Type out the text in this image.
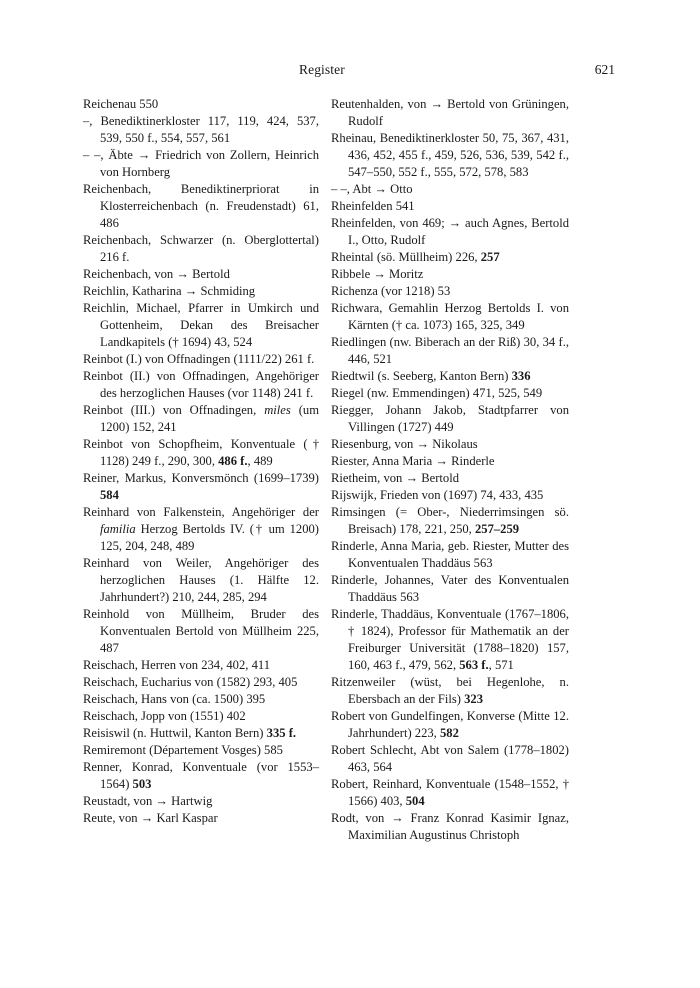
Register	621

Reichenau 550

–, Benediktinerkloster 117, 119, 424, 537, 539, 550 f., 554, 557, 561

– –, Äbte → Friedrich von Zollern, Heinrich von Hornberg

Reichenbach, Benediktinerpriorat in Klosterreichenbach (n. Freudenstadt) 61, 486

Reichenbach, Schwarzer (n. Oberglottertal) 216 f.

Reichenbach, von → Bertold

Reichlin, Katharina → Schmiding

Reichlin, Michael, Pfarrer in Umkirch und Gottenheim, Dekan des Breisacher Landkapitels († 1694) 43, 524

Reinbot (I.) von Offnadingen (1111/22) 261 f.

Reinbot (II.) von Offnadingen, Angehöriger des herzoglichen Hauses (vor 1148) 241 f.

Reinbot (III.) von Offnadingen, miles (um 1200) 152, 241

Reinbot von Schopfheim, Konventuale († 1128) 249 f., 290, 300, 486 f., 489

Reiner, Markus, Konversmönch (1699–1739) 584

Reinhard von Falkenstein, Angehöriger der familia Herzog Bertolds IV. († um 1200) 125, 204, 248, 489

Reinhard von Weiler, Angehöriger des herzoglichen Hauses (1. Hälfte 12. Jahrhundert?) 210, 244, 285, 294

Reinhold von Müllheim, Bruder des Konventualen Bertold von Müllheim 225, 487

Reischach, Herren von 234, 402, 411

Reischach, Eucharius von (1582) 293, 405

Reischach, Hans von (ca. 1500) 395

Reischach, Jopp von (1551) 402

Reisiswil (n. Huttwil, Kanton Bern) 335 f.

Remiremont (Département Vosges) 585

Renner, Konrad, Konventuale (vor 1553–1564) 503

Reustadt, von → Hartwig

Reute, von → Karl Kaspar

Reutenhalden, von → Bertold von Grüningen, Rudolf

Rheinau, Benediktinerkloster 50, 75, 367, 431, 436, 452, 455 f., 459, 526, 536, 539, 542 f., 547–550, 552 f., 555, 572, 578, 583

– –, Abt → Otto

Rheinfelden 541

Rheinfelden, von 469; → auch Agnes, Bertold I., Otto, Rudolf

Rheintal (sö. Müllheim) 226, 257

Ribbele → Moritz

Richenza (vor 1218) 53

Richwara, Gemahlin Herzog Bertolds I. von Kärnten († ca. 1073) 165, 325, 349

Riedlingen (nw. Biberach an der Riß) 30, 34 f., 446, 521

Riedtwil (s. Seeberg, Kanton Bern) 336

Riegel (nw. Emmendingen) 471, 525, 549

Riegger, Johann Jakob, Stadtpfarrer von Villingen (1727) 449

Riesenburg, von → Nikolaus

Riester, Anna Maria → Rinderle

Rietheim, von → Bertold

Rijswijk, Frieden von (1697) 74, 433, 435

Rimsingen (= Ober-, Niederrimsingen sö. Breisach) 178, 221, 250, 257–259

Rinderle, Anna Maria, geb. Riester, Mutter des Konventualen Thaddäus 563

Rinderle, Johannes, Vater des Konventualen Thaddäus 563

Rinderle, Thaddäus, Konventuale (1767–1806, † 1824), Professor für Mathematik an der Freiburger Universität (1788–1820) 157, 160, 463 f., 479, 562, 563 f., 571

Ritzenweiler (wüst, bei Hegenlohe, n. Ebersbach an der Fils) 323

Robert von Gundelfingen, Konverse (Mitte 12. Jahrhundert) 223, 582

Robert Schlecht, Abt von Salem (1778–1802) 463, 564

Robert, Reinhard, Konventuale (1548–1552, † 1566) 403, 504

Rodt, von → Franz Konrad Kasimir Ignaz, Maximilian Augustinus Christoph
